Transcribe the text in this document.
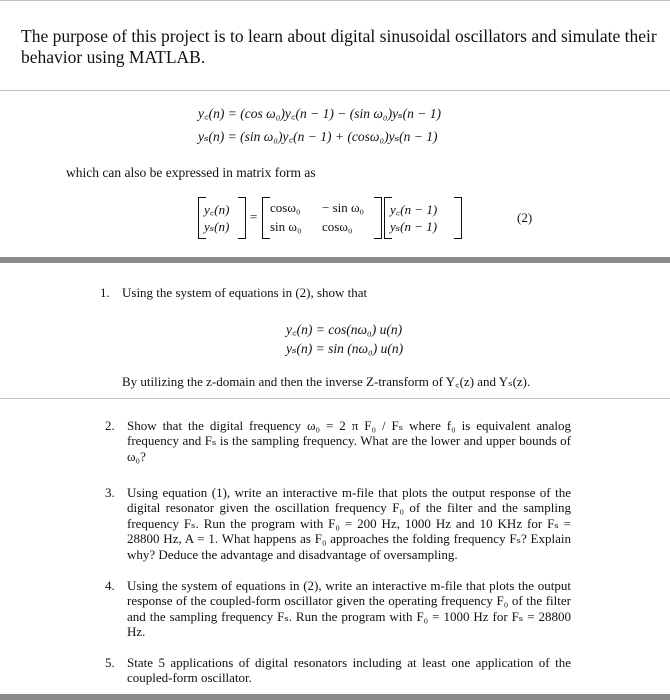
The purpose of this project is to learn about digital sinusoidal oscillators and simulate their behavior using MATLAB.
y꜀(n) = (cos ω₀)y꜀(n − 1) − (sin ω₀)yₛ(n − 1)
yₛ(n) = (sin ω₀)y꜀(n − 1) + (cosω₀)yₛ(n − 1)
which can also be expressed in matrix form as
y꜀(n)
yₛ(n)
=
cosω₀ − sin ω₀
sin ω₀ cosω₀
y꜀(n − 1)
yₛ(n − 1)
(2)
1. Using the system of equations in (2), show that

y꜀(n) = cos(nω₀) u(n)
yₛ(n) = sin (nω₀) u(n)
By utilizing the z-domain and then the inverse Z-transform of Y꜀(z) and Yₛ(z).
2. Show that the digital frequency ω₀ = 2 π F₀ / Fₛ where f₀ is equivalent analog frequency and Fₛ is the sampling frequency. What are the lower and upper bounds of ω₀?

3. Using equation (1), write an interactive m-file that plots the output response of the digital resonator given the oscillation frequency F₀ of the filter and the sampling frequency Fₛ. Run the program with F₀ = 200 Hz, 1000 Hz and 10 KHz for Fₛ = 28800 Hz, A = 1. What happens as F₀ approaches the folding frequency Fₛ? Explain why? Deduce the advantage and disadvantage of oversampling.

4. Using the system of equations in (2), write an interactive m-file that plots the output response of the coupled-form oscillator given the operating frequency F₀ of the filter and the sampling frequency Fₛ. Run the program with F₀ = 1000 Hz for Fₛ = 28800 Hz.

5. State 5 applications of digital resonators including at least one application of the coupled-form oscillator.
